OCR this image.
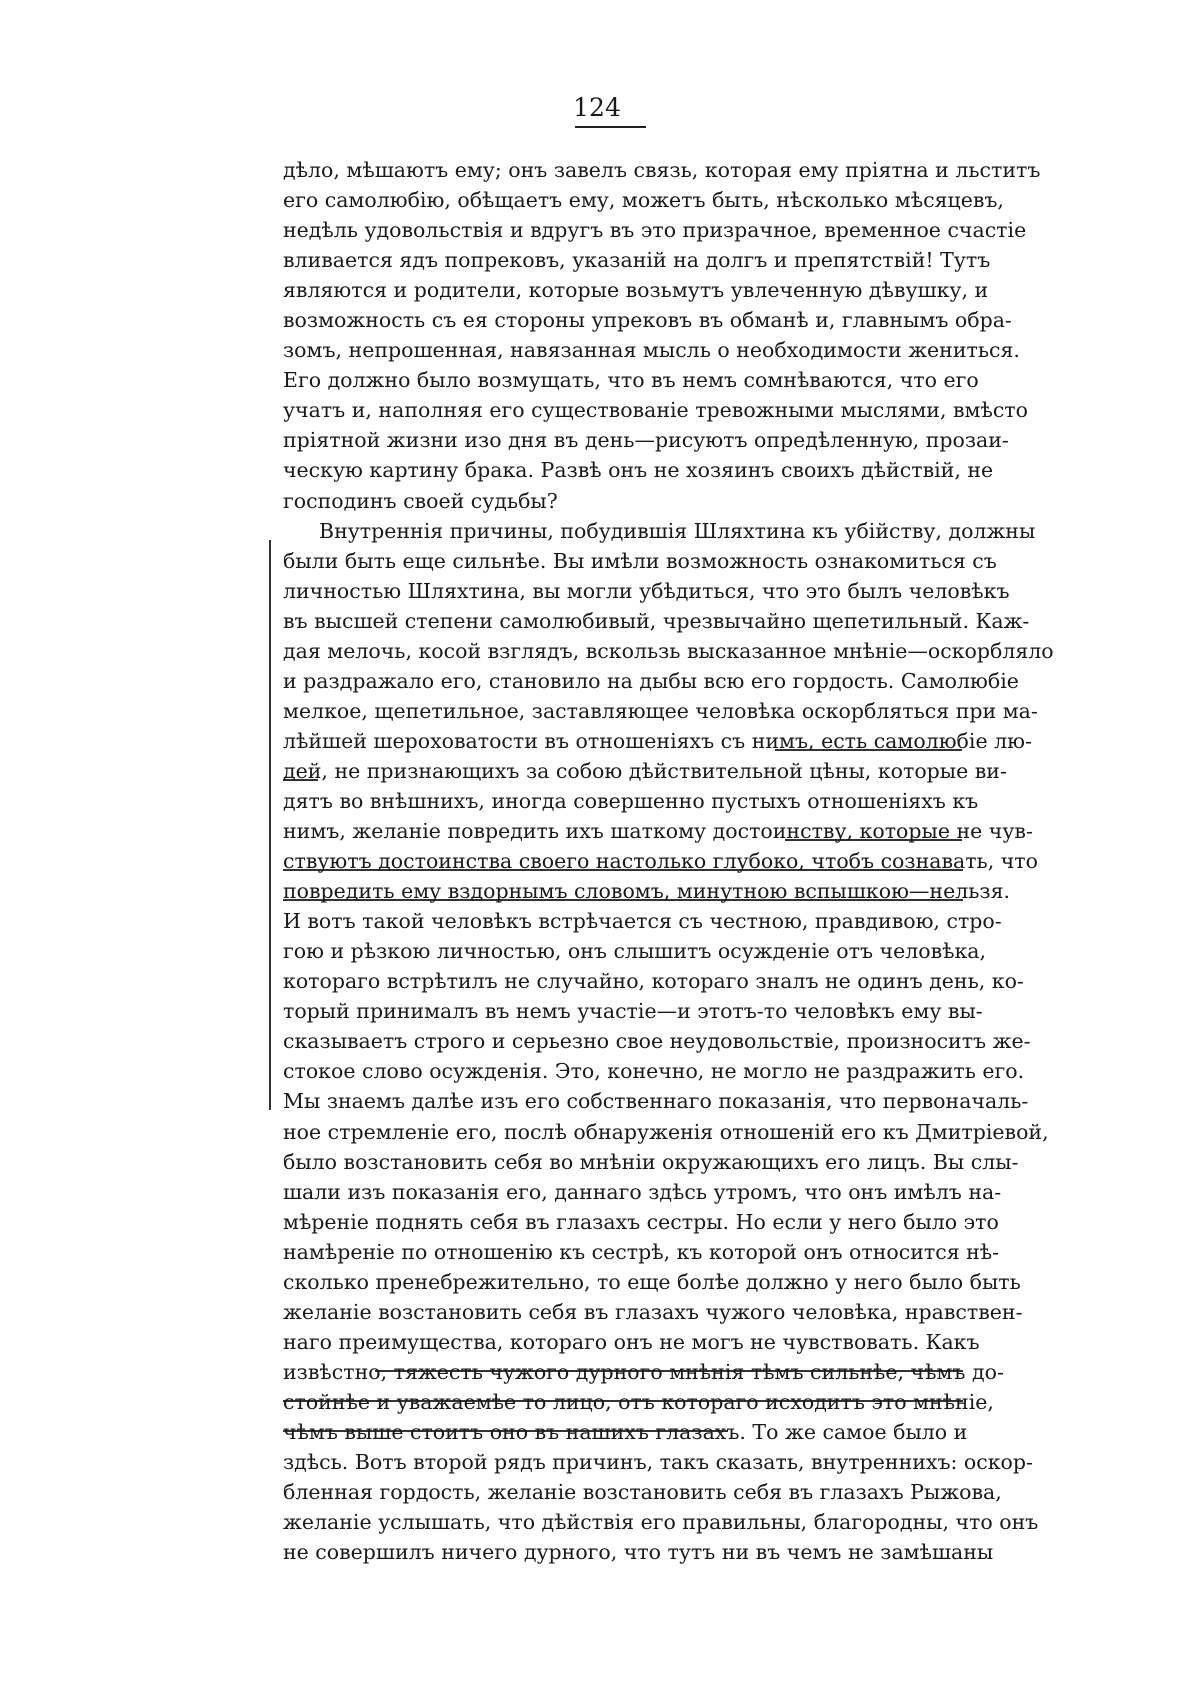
124
дѣло, мѣшаютъ ему; онъ завелъ связь, которая ему пріятна и льститъ
его самолюбію, обѣщаетъ ему, можетъ быть, нѣсколько мѣсяцевъ,
недѣль удовольствія и вдругъ въ это призрачное, временное счастіе
вливается ядъ попрековъ, указаній на долгъ и препятствій! Тутъ
являются и родители, которые возьмутъ увлеченную дѣвушку, и
возможность съ ея стороны упрековъ въ обманѣ и, главнымъ обра-
зомъ, непрошенная, навязанная мысль о необходимости жениться.
Его должно было возмущать, что въ немъ сомнѣваются, что его
учатъ и, наполняя его существованіе тревожными мыслями, вмѣсто
пріятной жизни изо дня въ день—рисуютъ опредѣленную, прозаи-
ческую картину брака. Развѣ онъ не хозяинъ своихъ дѣйствій, не
господинъ своей судьбы?
Внутреннія причины, побудившія Шляхтина къ убійству, должны
были быть еще сильнѣе. Вы имѣли возможность ознакомиться съ
личностью Шляхтина, вы могли убѣдиться, что это былъ человѣкъ
въ высшей степени самолюбивый, чрезвычайно щепетильный. Каж-
дая мелочь, косой взглядъ, вскользь высказанное мнѣніе—оскорбляло
и раздражало его, становило на дыбы всю его гордость. Самолюбіе
мелкое, щепетильное, заставляющее человѣка оскорбляться при ма-
лѣйшей шероховатости въ отношеніяхъ съ нимъ, есть самолюбіе лю-
дей, не признающихъ за собою дѣйствительной цѣны, которые ви-
дятъ во внѣшнихъ, иногда совершенно пустыхъ отношеніяхъ къ
нимъ, желаніе повредить ихъ шаткому достоинству, которые не чув-
ствуютъ достоинства своего настолько глубоко, чтобъ сознавать, что
повредить ему вздорнымъ словомъ, минутною вспышкою—нельзя.
И вотъ такой человѣкъ встрѣчается съ честною, правдивою, стро-
гою и рѣзкою личностью, онъ слышитъ осужденіе отъ человѣка,
котораго встрѣтилъ не случайно, котораго зналъ не одинъ день, ко-
торый принималъ въ немъ участіе—и этотъ-то человѣкъ ему вы-
сказываетъ строго и серьезно свое неудовольствіе, произноситъ же-
стокое слово осужденія. Это, конечно, не могло не раздражить его.
Мы знаемъ далѣе изъ его собственнаго показанія, что первоначаль-
ное стремленіе его, послѣ обнаруженія отношеній его къ Дмитріевой,
было возстановить себя во мнѣніи окружающихъ его лицъ. Вы слы-
шали изъ показанія его, даннаго здѣсь утромъ, что онъ имѣлъ на-
мѣреніе поднять себя въ глазахъ сестры. Но если у него было это
намѣреніе по отношенію къ сестрѣ, къ которой онъ относится нѣ-
сколько пренебрежительно, то еще болѣе должно у него было быть
желаніе возстановить себя въ глазахъ чужого человѣка, нравствен-
наго преимущества, котораго онъ не могъ не чувствовать. Какъ
извѣстно, тяжесть чужого дурного мнѣнія тѣмъ сильнѣе, чѣмъ до-
стойнѣе и уважаемѣе то лицо, отъ котораго исходитъ это мнѣніе,
чѣмъ выше стоитъ оно въ нашихъ глазахъ. То же самое было и
здѣсь. Вотъ второй рядъ причинъ, такъ сказать, внутреннихъ: оскор-
бленная гордость, желаніе возстановить себя въ глазахъ Рыжова,
желаніе услышать, что дѣйствія его правильны, благородны, что онъ
не совершилъ ничего дурного, что тутъ ни въ чемъ не замѣшаны
